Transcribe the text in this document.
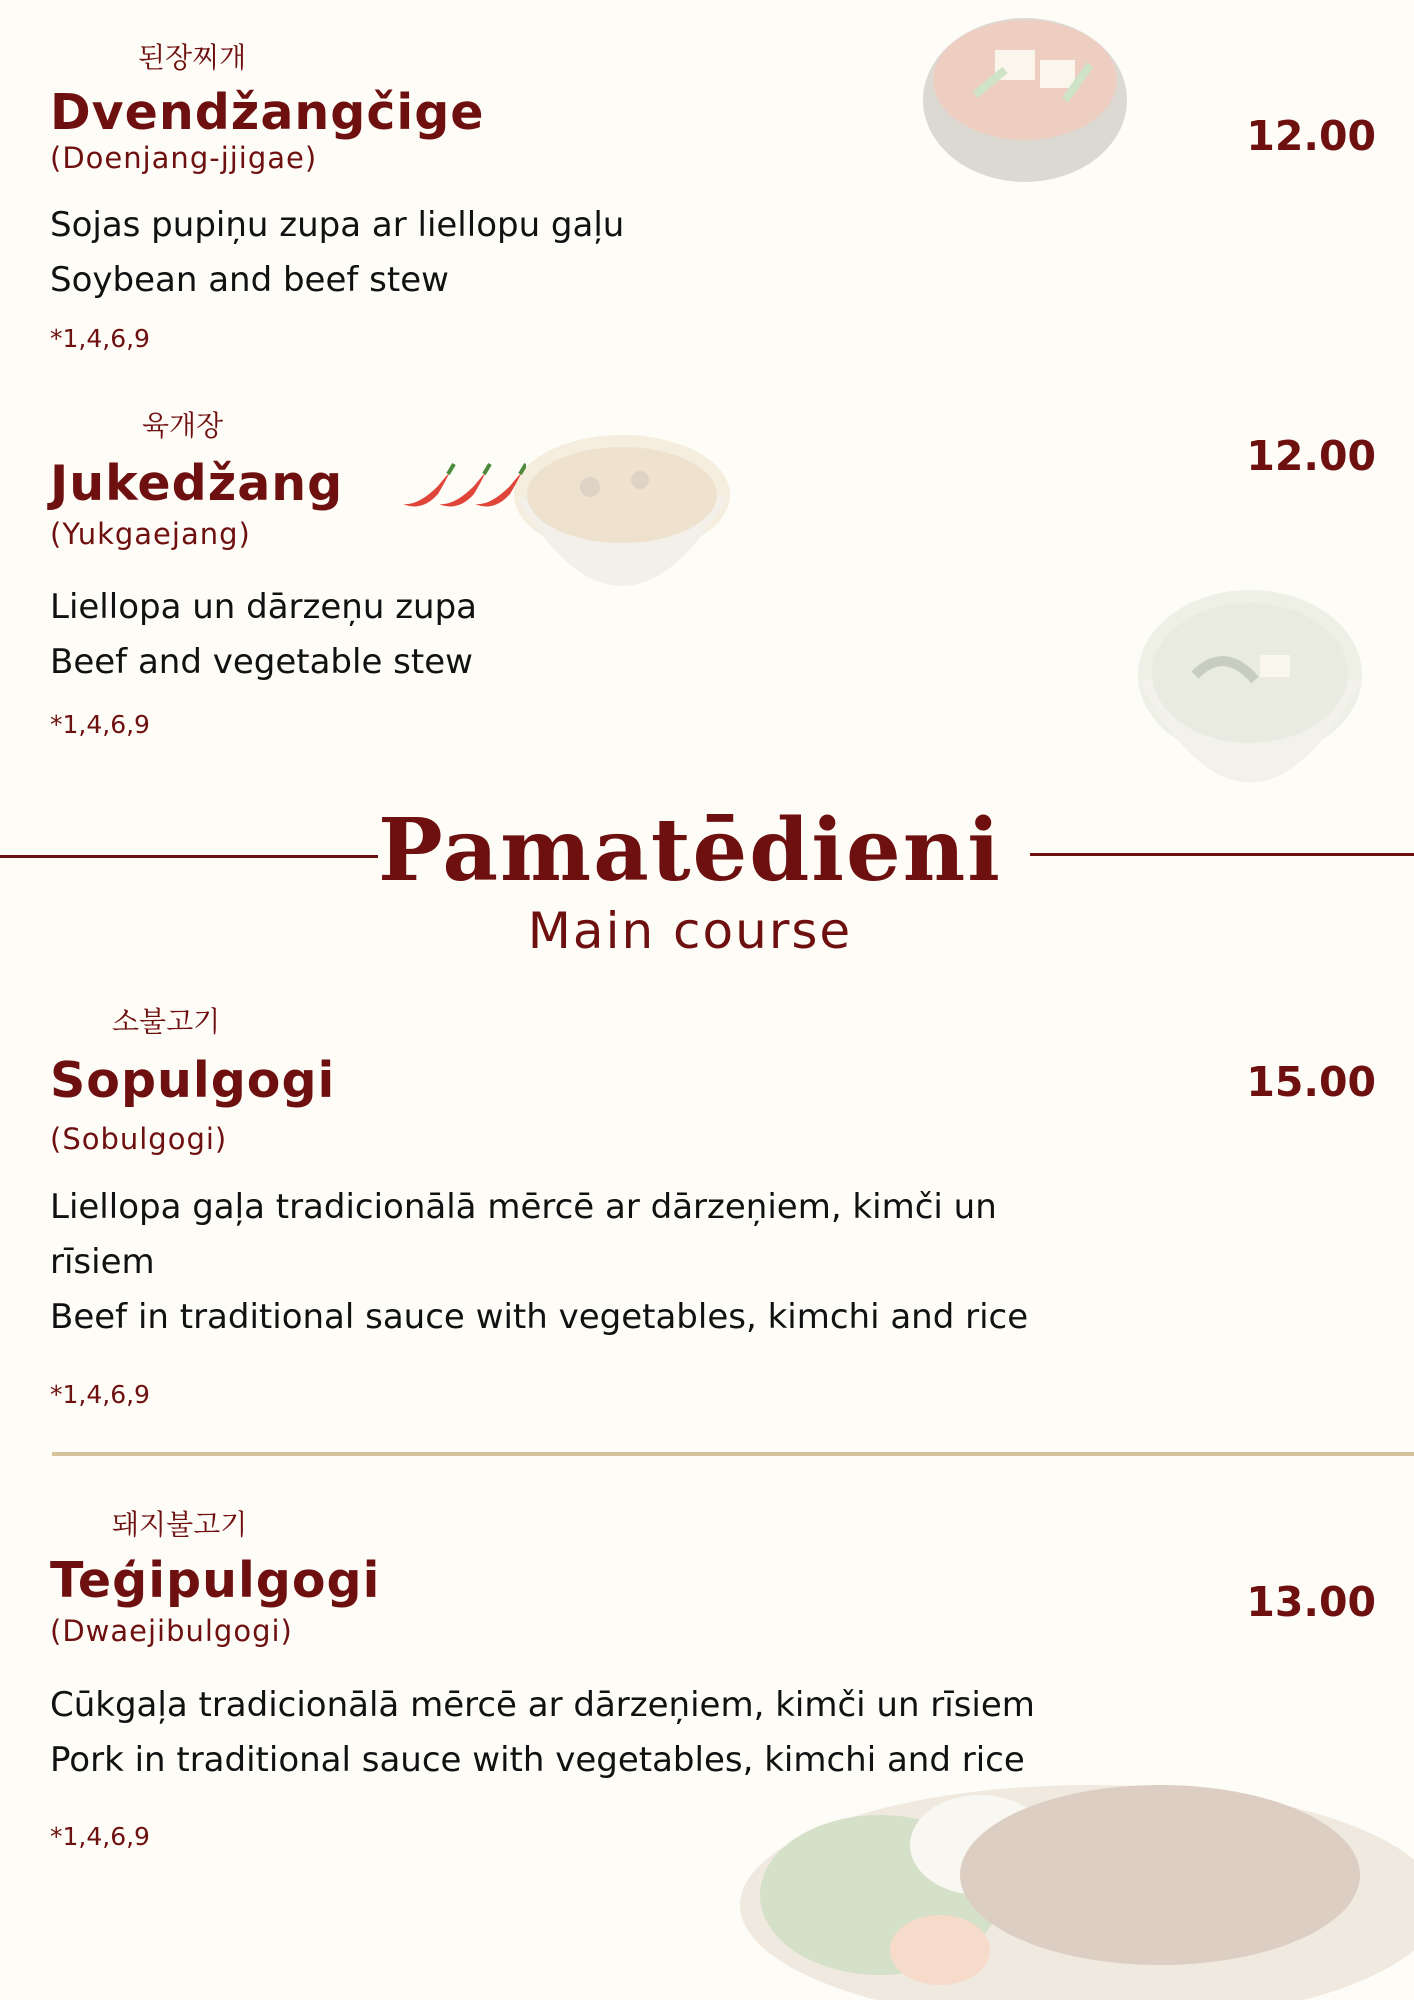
된장찌개
Dvendžangčige
(Doenjang-jjigae)
Sojas pupiņu zupa ar liellopu gaļu
Soybean and beef stew
*1,4,6,9
12.00
육개장
Jukedžang
(Yukgaejang)
Liellopa un dārzeņu zupa
Beef and vegetable stew
*1,4,6,9
12.00
Pamatēdieni
Main course
소불고기
Sopulgogi
(Sobulgogi)
Liellopa gaļa tradicionālā mērcē ar dārzeņiem, kimči un rīsiem
Beef in traditional sauce with vegetables, kimchi and rice
*1,4,6,9
15.00
돼지불고기
Teģipulgogi
(Dwaejibulgogi)
Cūkgaļa tradicionālā mērcē ar dārzeņiem, kimči un rīsiem
Pork in traditional sauce with vegetables, kimchi and rice
*1,4,6,9
13.00
